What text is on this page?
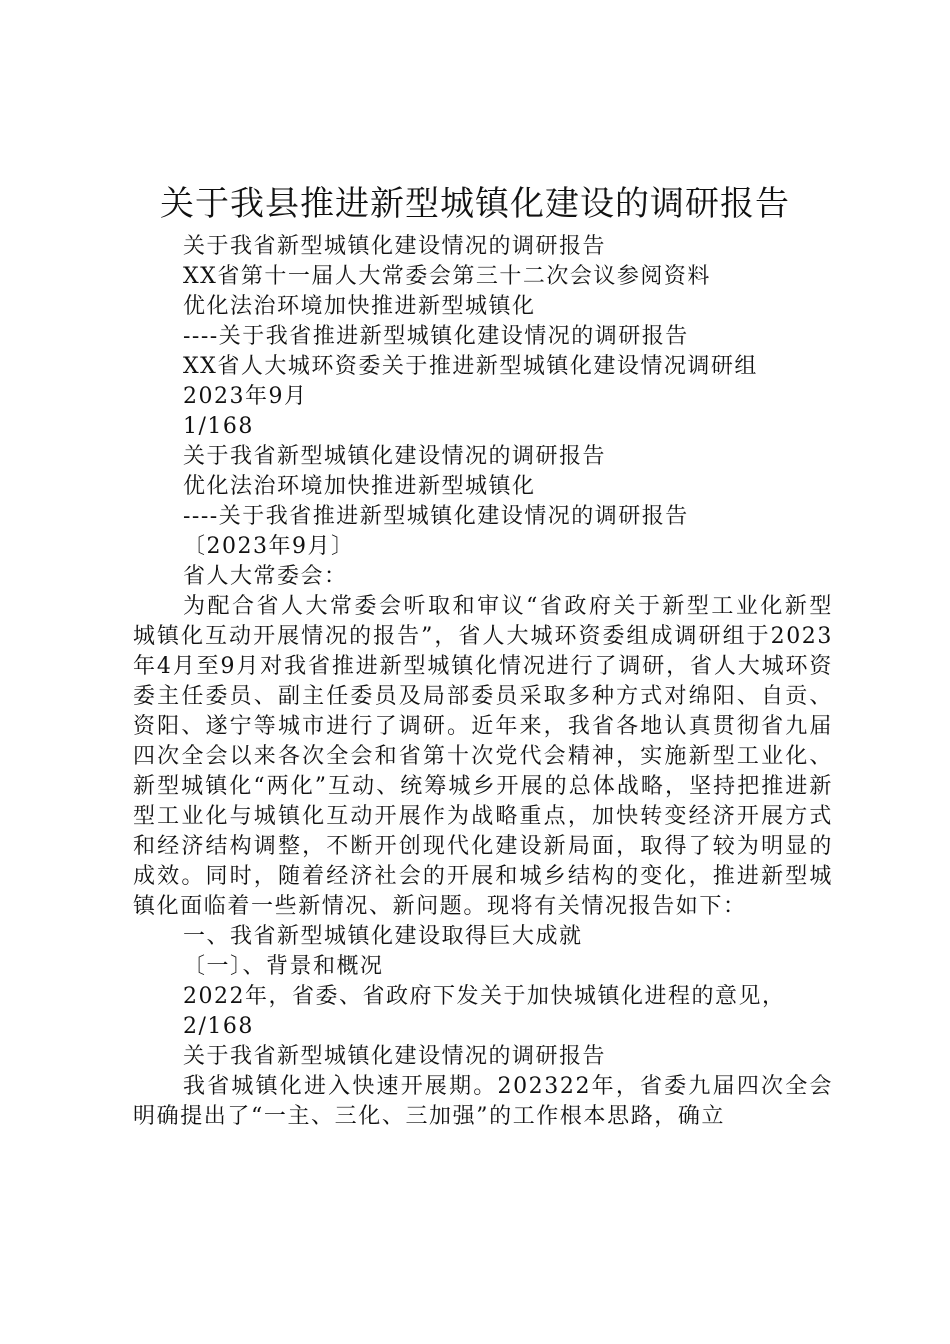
关于我县推进新型城镇化建设的调研报告
关于我省新型城镇化建设情况的调研报告
XX省第十一届人大常委会第三十二次会议参阅资料
优化法治环境加快推进新型城镇化
----关于我省推进新型城镇化建设情况的调研报告
XX省人大城环资委关于推进新型城镇化建设情况调研组
2023年9月
1/168
关于我省新型城镇化建设情况的调研报告
优化法治环境加快推进新型城镇化
----关于我省推进新型城镇化建设情况的调研报告
〔2023年9月〕
省人大常委会：
为配合省人大常委会听取和审议“省政府关于新型工业化新型城镇化互动开展情况的报告”，省人大城环资委组成调研组于2023年4月至9月对我省推进新型城镇化情况进行了调研，省人大城环资委主任委员、副主任委员及局部委员采取多种方式对绵阳、自贡、资阳、遂宁等城市进行了调研。近年来，我省各地认真贯彻省九届四次全会以来各次全会和省第十次党代会精神，实施新型工业化、新型城镇化“两化”互动、统筹城乡开展的总体战略，坚持把推进新型工业化与城镇化互动开展作为战略重点，加快转变经济开展方式和经济结构调整，不断开创现代化建设新局面，取得了较为明显的成效。同时，随着经济社会的开展和城乡结构的变化，推进新型城镇化面临着一些新情况、新问题。现将有关情况报告如下：
一、我省新型城镇化建设取得巨大成就
〔一〕、背景和概况
2022年，省委、省政府下发关于加快城镇化进程的意见，
2/168
关于我省新型城镇化建设情况的调研报告
我省城镇化进入快速开展期。202322年，省委九届四次全会明确提出了“一主、三化、三加强”的工作根本思路，确立
